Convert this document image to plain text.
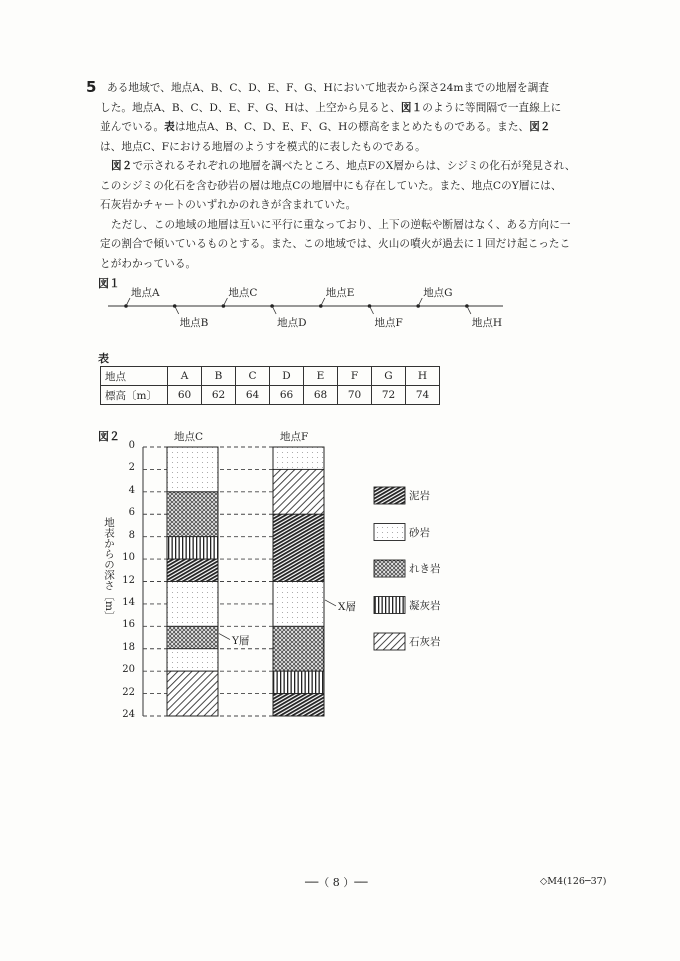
5 ある地域で、地点A、B、C、D、E、F、G、Hにおいて地表から深さ24mまでの地層を調査

した。地点A、B、C、D、E、F、G、Hは、上空から見ると、図１のように等間隔で一直線上に

並んでいる。表は地点A、B、C、D、E、F、G、Hの標高をまとめたものである。また、図２

は、地点C、Fにおける地層のようすを模式的に表したものである。

図２で示されるそれぞれの地層を調べたところ、地点FのX層からは、シジミの化石が発見され、

このシジミの化石を含む砂岩の層は地点Cの地層中にも存在していた。また、地点CのY層には、

石灰岩かチャートのいずれかのれきが含まれていた。

ただし、この地域の地層は互いに平行に重なっており、上下の逆転や断層はなく、ある方向に一

定の割合で傾いているものとする。また、この地域では、火山の噴火が過去に１回だけ起こったこ

とがわかっている。

図１
地点A
地点B
地点C
地点D
地点E
地点F
地点G
地点H
表
地点	A	B	C	D	E	F	G	H
標高〔m〕	60	62	64	66	68	70	72	74
図２
0
2
4
6
8
10
12
14
16
18
20
22
24
地点C	地点F
Y層
X層
泥岩
砂岩
れき岩
凝灰岩
石灰岩
地表からの深さ〔m〕
──（ 8 ）──	◇M4(126─37)
